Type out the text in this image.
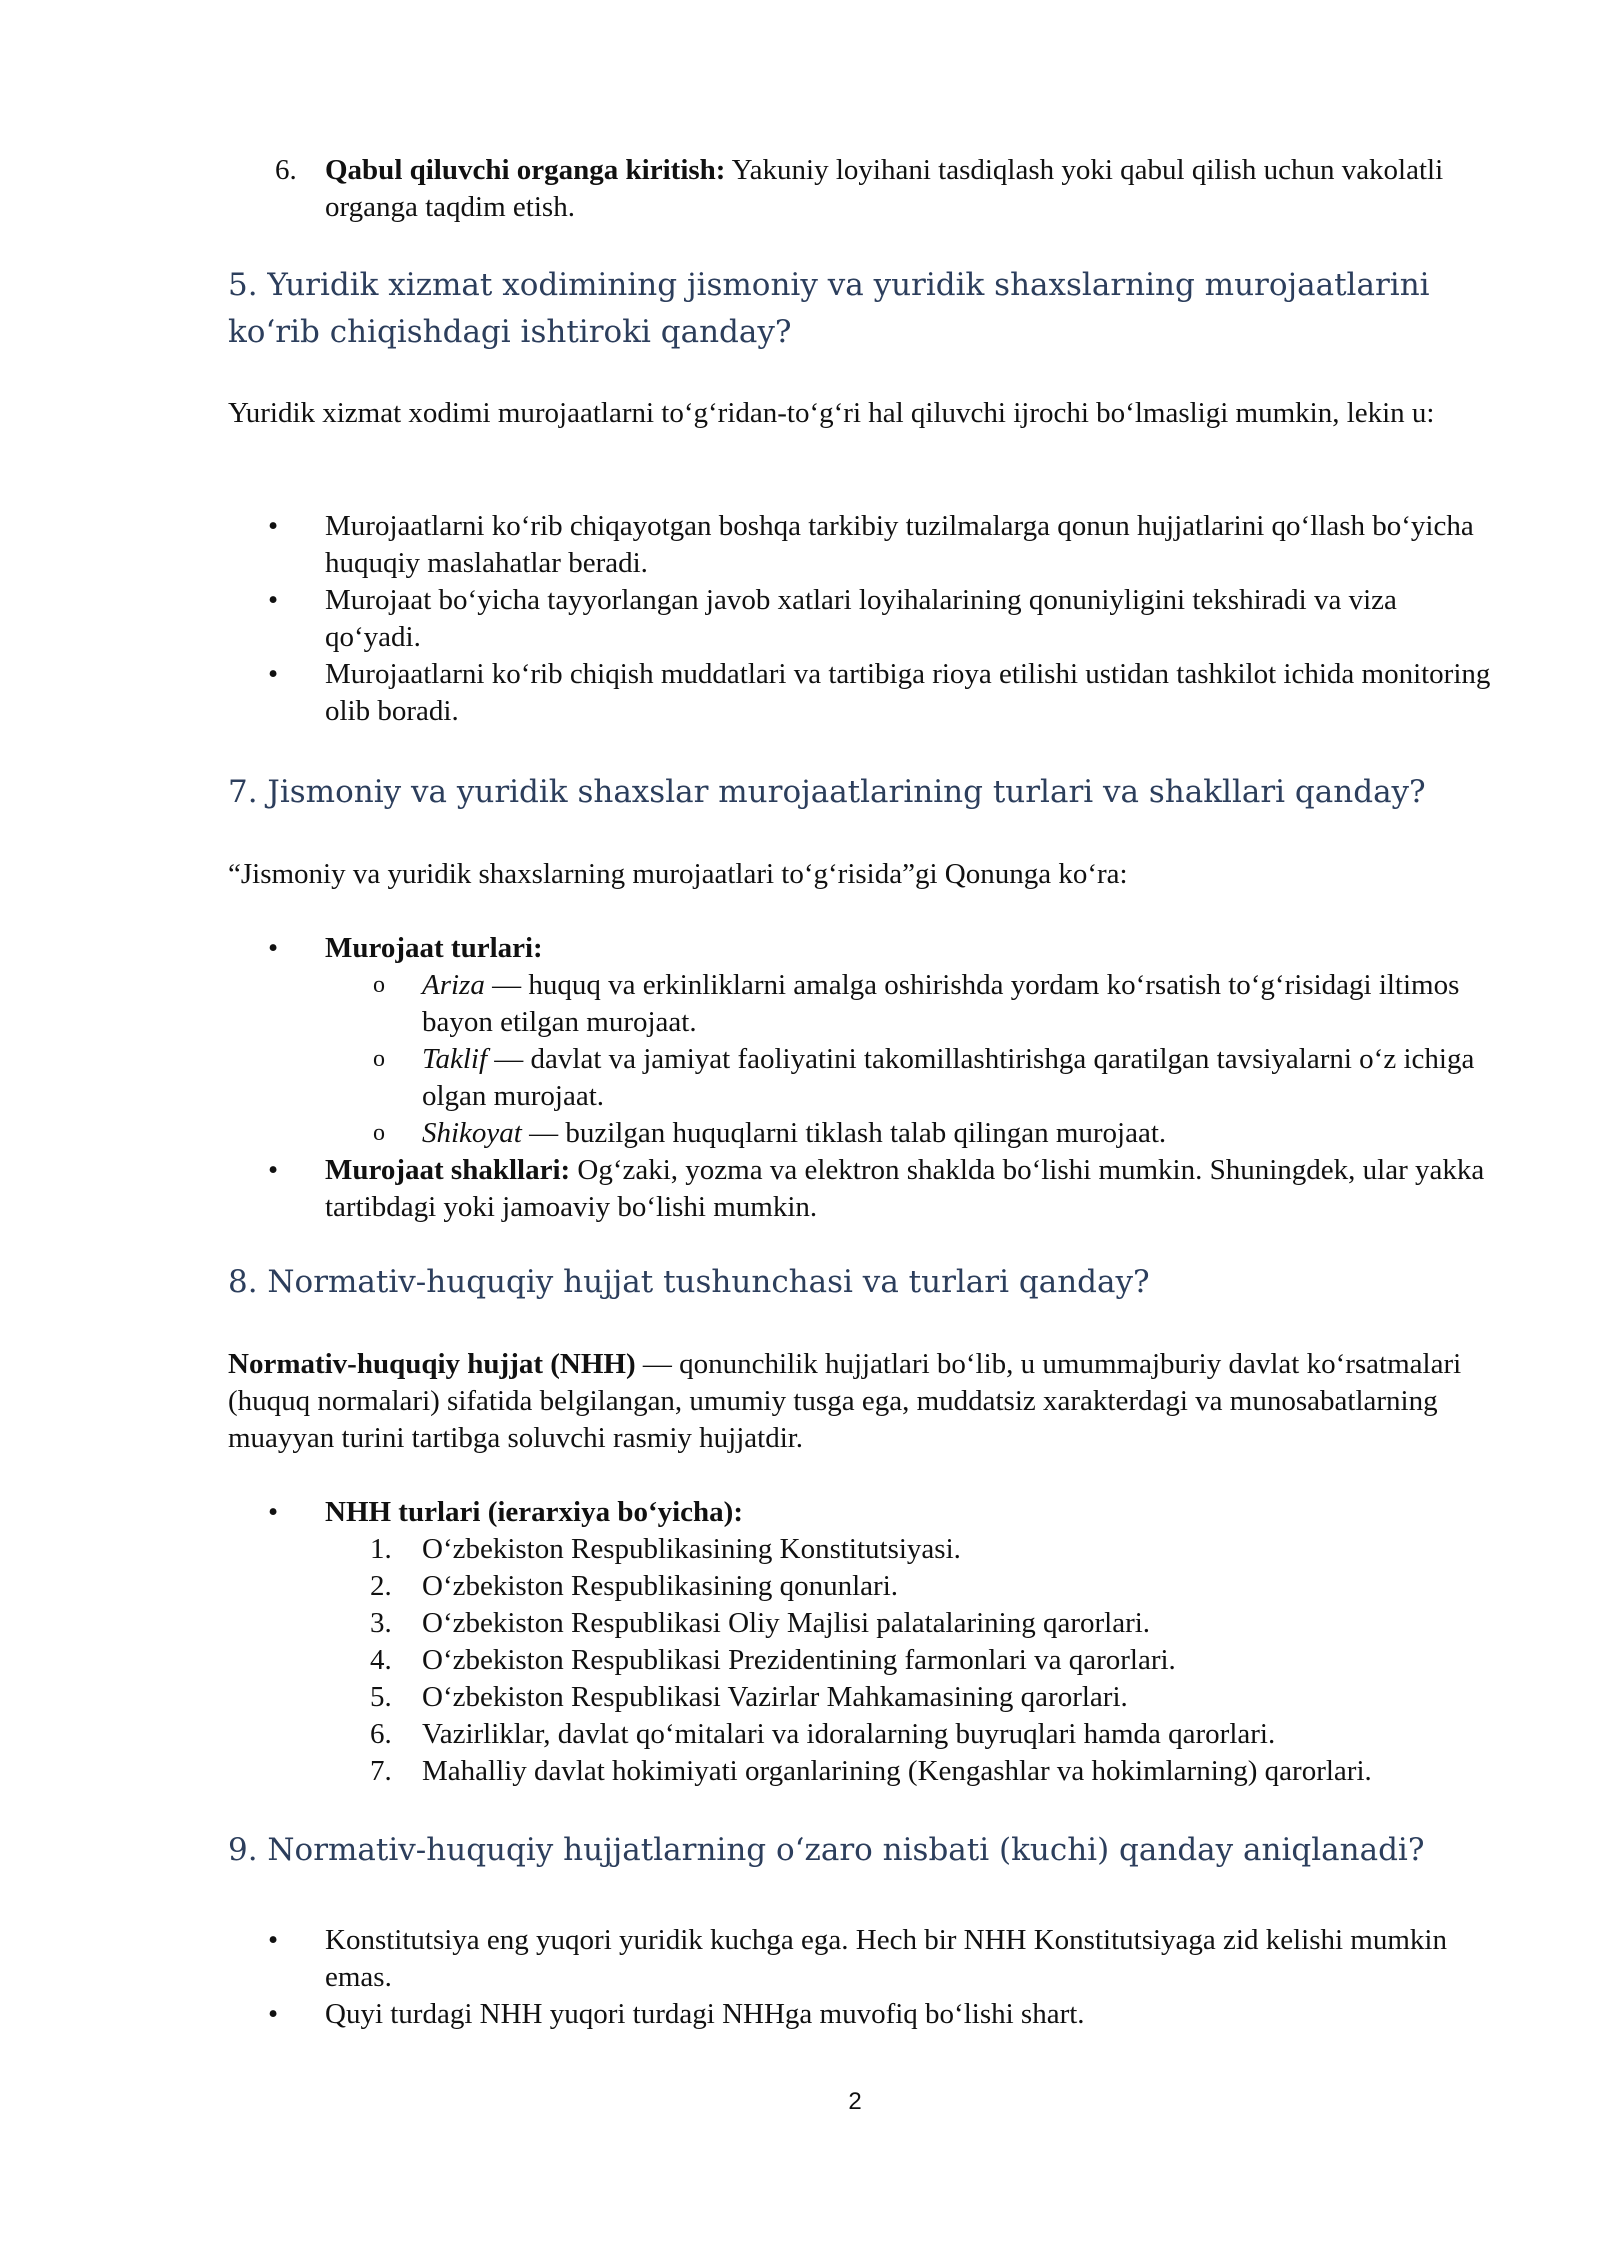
6. Qabul qiluvchi organga kiritish: Yakuniy loyihani tasdiqlash yoki qabul qilish uchun vakolatli organga taqdim etish.
5. Yuridik xizmat xodimining jismoniy va yuridik shaxslarning murojaatlarini ko‘rib chiqishdagi ishtiroki qanday?
Yuridik xizmat xodimi murojaatlarni to‘g‘ridan-to‘g‘ri hal qiluvchi ijrochi bo‘lmasligi mumkin, lekin u:
• Murojaatlarni ko‘rib chiqayotgan boshqa tarkibiy tuzilmalarga qonun hujjatlarini qo‘llash bo‘yicha huquqiy maslahatlar beradi.
• Murojaat bo‘yicha tayyorlangan javob xatlari loyihalarining qonuniyligini tekshiradi va viza qo‘yadi.
• Murojaatlarni ko‘rib chiqish muddatlari va tartibiga rioya etilishi ustidan tashkilot ichida monitoring olib boradi.
7. Jismoniy va yuridik shaxslar murojaatlarining turlari va shakllari qanday?
“Jismoniy va yuridik shaxslarning murojaatlari to‘g‘risida”gi Qonunga ko‘ra:
• Murojaat turlari:
o Ariza — huquq va erkinliklarni amalga oshirishda yordam ko‘rsatish to‘g‘risidagi iltimos bayon etilgan murojaat.
o Taklif — davlat va jamiyat faoliyatini takomillashtirishga qaratilgan tavsiyalarni o‘z ichiga olgan murojaat.
o Shikoyat — buzilgan huquqlarni tiklash talab qilingan murojaat.
• Murojaat shakllari: Og‘zaki, yozma va elektron shaklda bo‘lishi mumkin. Shuningdek, ular yakka tartibdagi yoki jamoaviy bo‘lishi mumkin.
8. Normativ-huquqiy hujjat tushunchasi va turlari qanday?
Normativ-huquqiy hujjat (NHH) — qonunchilik hujjatlari bo‘lib, u umummajburiy davlat ko‘rsatmalari (huquq normalari) sifatida belgilangan, umumiy tusga ega, muddatsiz xarakterdagi va munosabatlarning muayyan turini tartibga soluvchi rasmiy hujjatdir.
• NHH turlari (ierarxiya bo‘yicha):
1. O‘zbekiston Respublikasining Konstitutsiyasi.
2. O‘zbekiston Respublikasining qonunlari.
3. O‘zbekiston Respublikasi Oliy Majlisi palatalarining qarorlari.
4. O‘zbekiston Respublikasi Prezidentining farmonlari va qarorlari.
5. O‘zbekiston Respublikasi Vazirlar Mahkamasining qarorlari.
6. Vazirliklar, davlat qo‘mitalari va idoralarning buyruqlari hamda qarorlari.
7. Mahalliy davlat hokimiyati organlarining (Kengashlar va hokimlarning) qarorlari.
9. Normativ-huquqiy hujjatlarning o‘zaro nisbati (kuchi) qanday aniqlanadi?
• Konstitutsiya eng yuqori yuridik kuchga ega. Hech bir NHH Konstitutsiyaga zid kelishi mumkin emas.
• Quyi turdagi NHH yuqori turdagi NHHga muvofiq bo‘lishi shart.
2
